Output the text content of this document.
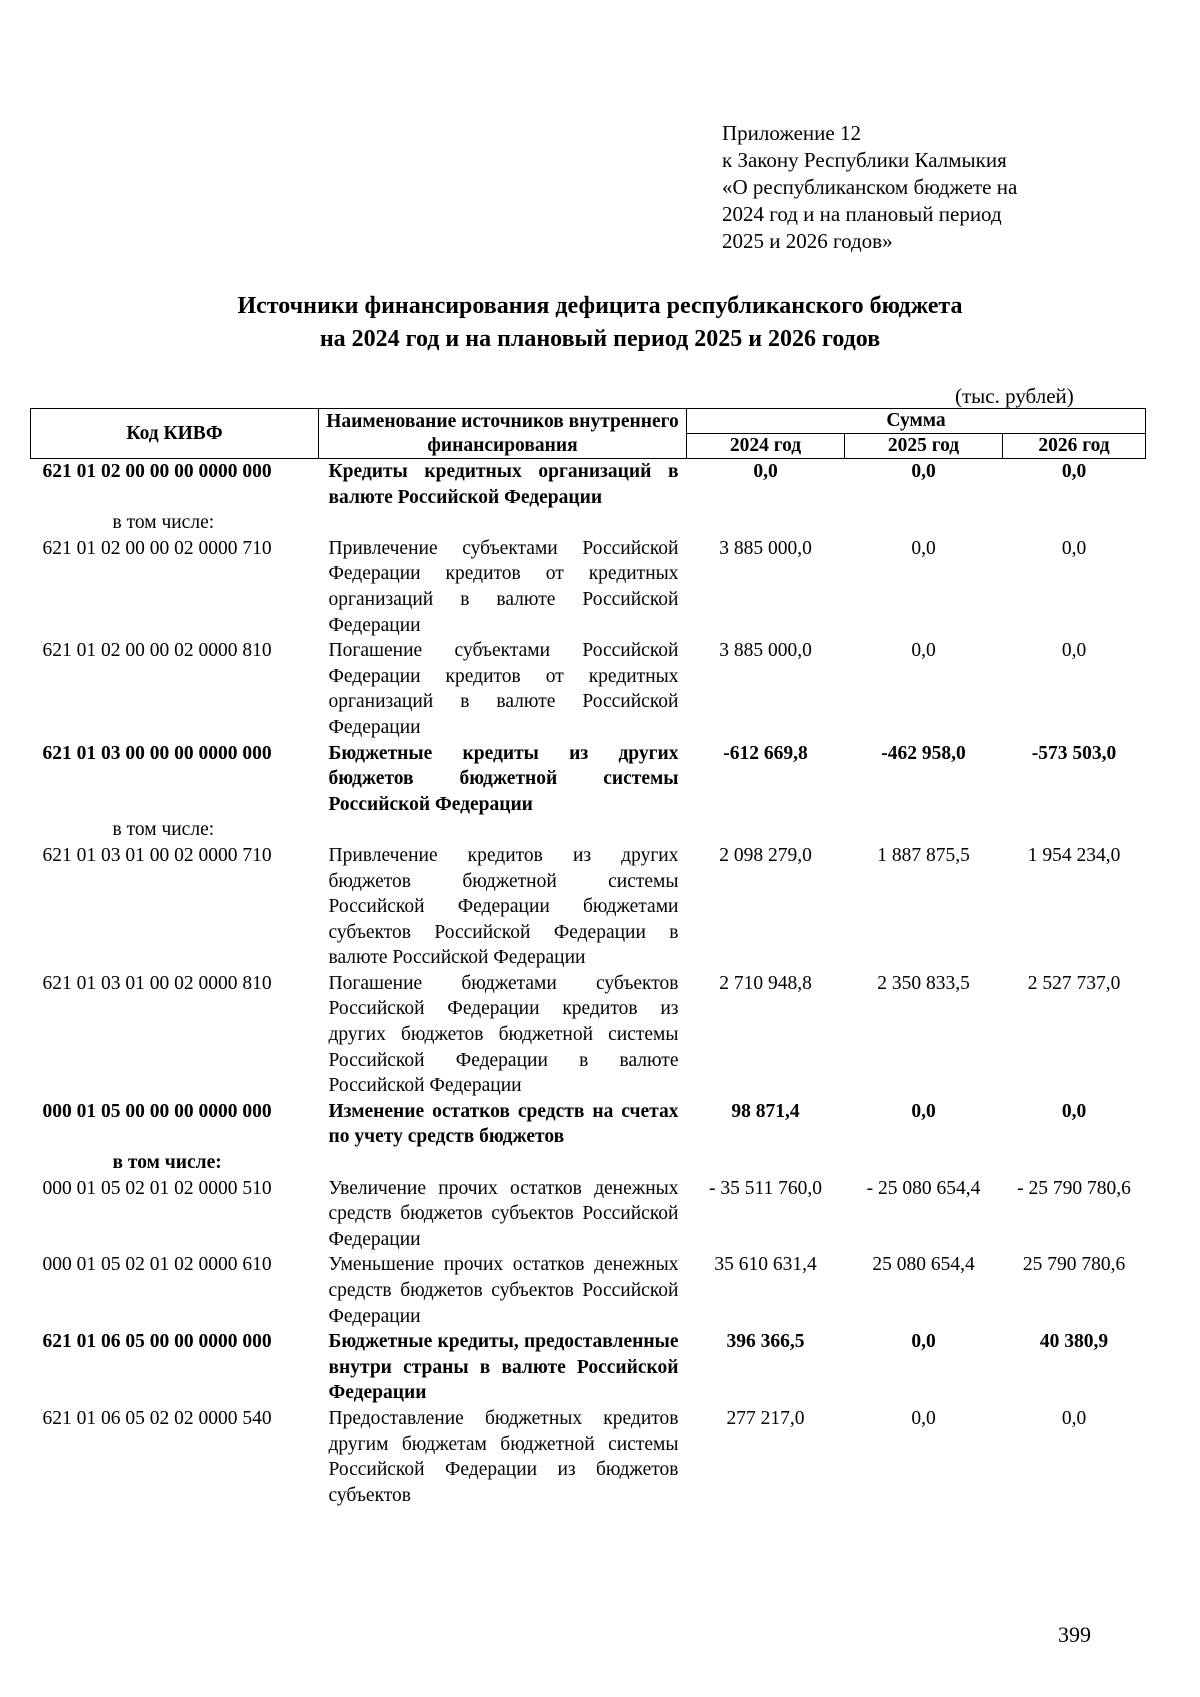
Приложение 12
к Закону Республики Калмыкия
«О республиканском бюджете на
2024 год и на плановый период
2025 и 2026 годов»
Источники финансирования дефицита республиканского бюджета
на 2024 год и на плановый период 2025 и 2026 годов
(тыс. рублей)
Код КИВФ	Наименование источников внутреннего финансирования	Сумма		
		2024 год	2025 год	2026 год
621 01 02 00 00 00 0000 000	Кредиты кредитных организаций в валюте Российской Федерации	0,0	0,0	0,0
в том числе:				
621 01 02 00 00 02 0000 710	Привлечение субъектами Российской Федерации кредитов от кредитных организаций в валюте Российской Федерации	3 885 000,0	0,0	0,0
621 01 02 00 00 02 0000 810	Погашение субъектами Российской Федерации кредитов от кредитных организаций в валюте Российской Федерации	3 885 000,0	0,0	0,0
621 01 03 00 00 00 0000 000	Бюджетные кредиты из других бюджетов бюджетной системы Российской Федерации	-612 669,8	-462 958,0	-573 503,0
в том числе:				
621 01 03 01 00 02 0000 710	Привлечение кредитов из других бюджетов бюджетной системы Российской Федерации бюджетами субъектов Российской Федерации в валюте Российской Федерации	2 098 279,0	1 887 875,5	1 954 234,0
621 01 03 01 00 02 0000 810	Погашение бюджетами субъектов Российской Федерации кредитов из других бюджетов бюджетной системы Российской Федерации в валюте Российской Федерации	2 710 948,8	2 350 833,5	2 527 737,0
000 01 05 00 00 00 0000 000	Изменение остатков средств на счетах по учету средств бюджетов	98 871,4	0,0	0,0
в том числе:				
000 01 05 02 01 02 0000 510	Увеличение прочих остатков денежных средств бюджетов субъектов Российской Федерации	- 35 511 760,0	- 25 080 654,4	- 25 790 780,6
000 01 05 02 01 02 0000 610	Уменьшение прочих остатков денежных средств бюджетов субъектов Российской Федерации	35 610 631,4	25 080 654,4	25 790 780,6
621 01 06 05 00 00 0000 000	Бюджетные кредиты, предоставленные внутри страны в валюте Российской Федерации	396 366,5	0,0	40 380,9
621 01 06 05 02 02 0000 540	Предоставление бюджетных кредитов другим бюджетам бюджетной системы Российской Федерации из бюджетов субъектов	277 217,0	0,0	0,0
399
